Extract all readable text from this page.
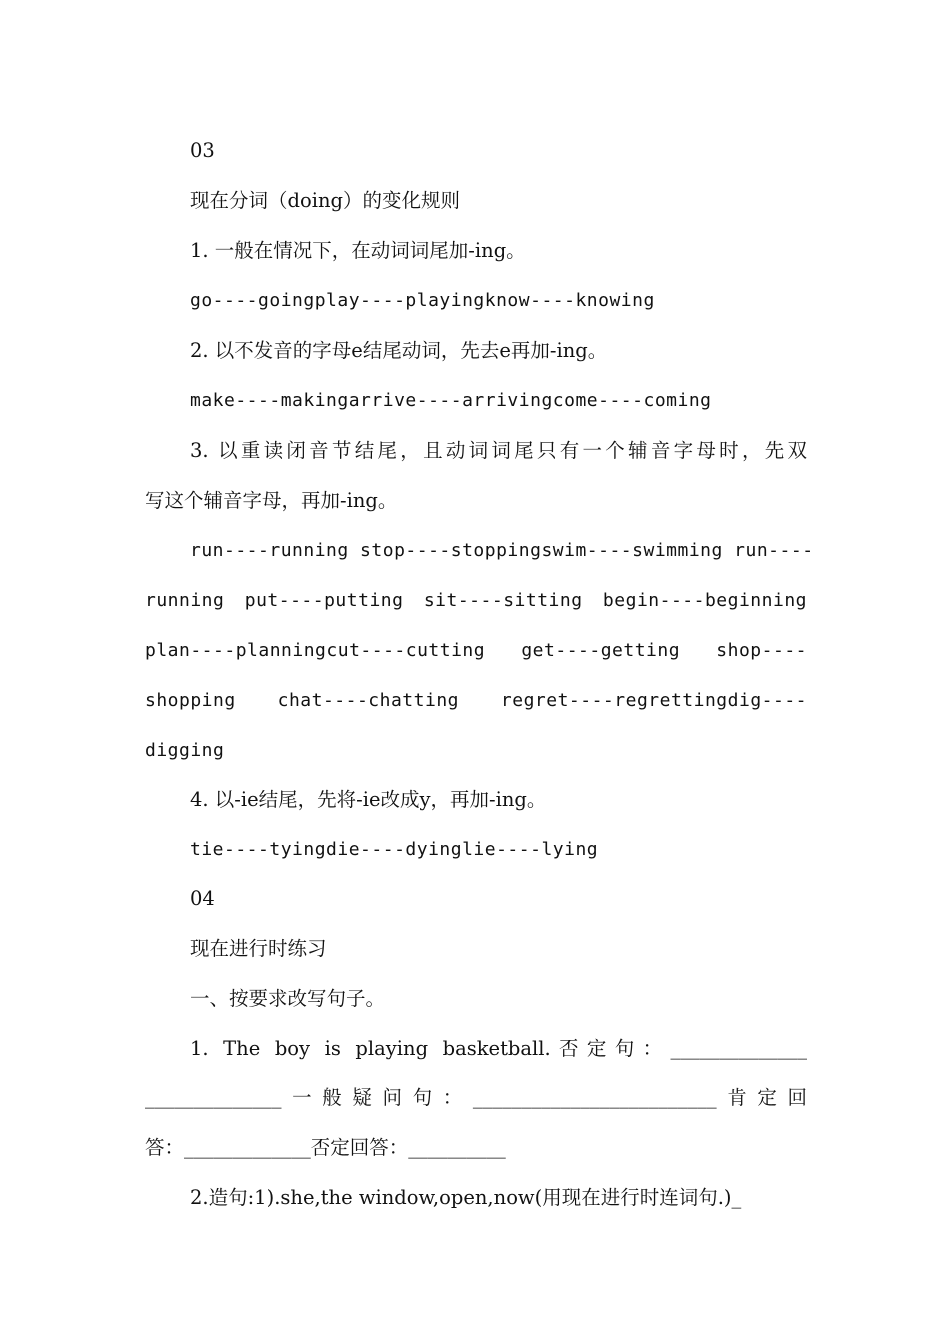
03
现在分词（doing）的变化规则
1. 一般在情况下，在动词词尾加-ing。
go----goingplay----playingknow----knowing
2. 以不发音的字母e结尾动词，先去e再加-ing。
make----makingarrive----arrivingcome----coming
3. 以重读闭音节结尾，且动词词尾只有一个辅音字母时，先双
写这个辅音字母，再加-ing。
run----running stop----stoppingswim----swimming run----
running put----putting sit----sitting begin----beginning
plan----planningcut----cutting get----getting shop----
shopping chat----chatting regret----regrettingdig----
digging
4. 以-ie结尾，先将-ie改成y，再加-ing。
tie----tyingdie----dyinglie----lying
04
现在进行时练习
一、按要求改写句子。
1. The boy is playing basketball.否定句：______________
______________一般疑问句：_________________________肯定回
答：_____________否定回答：__________
2.造句:1).she,the window,open,now(用现在进行时连词句.)_
